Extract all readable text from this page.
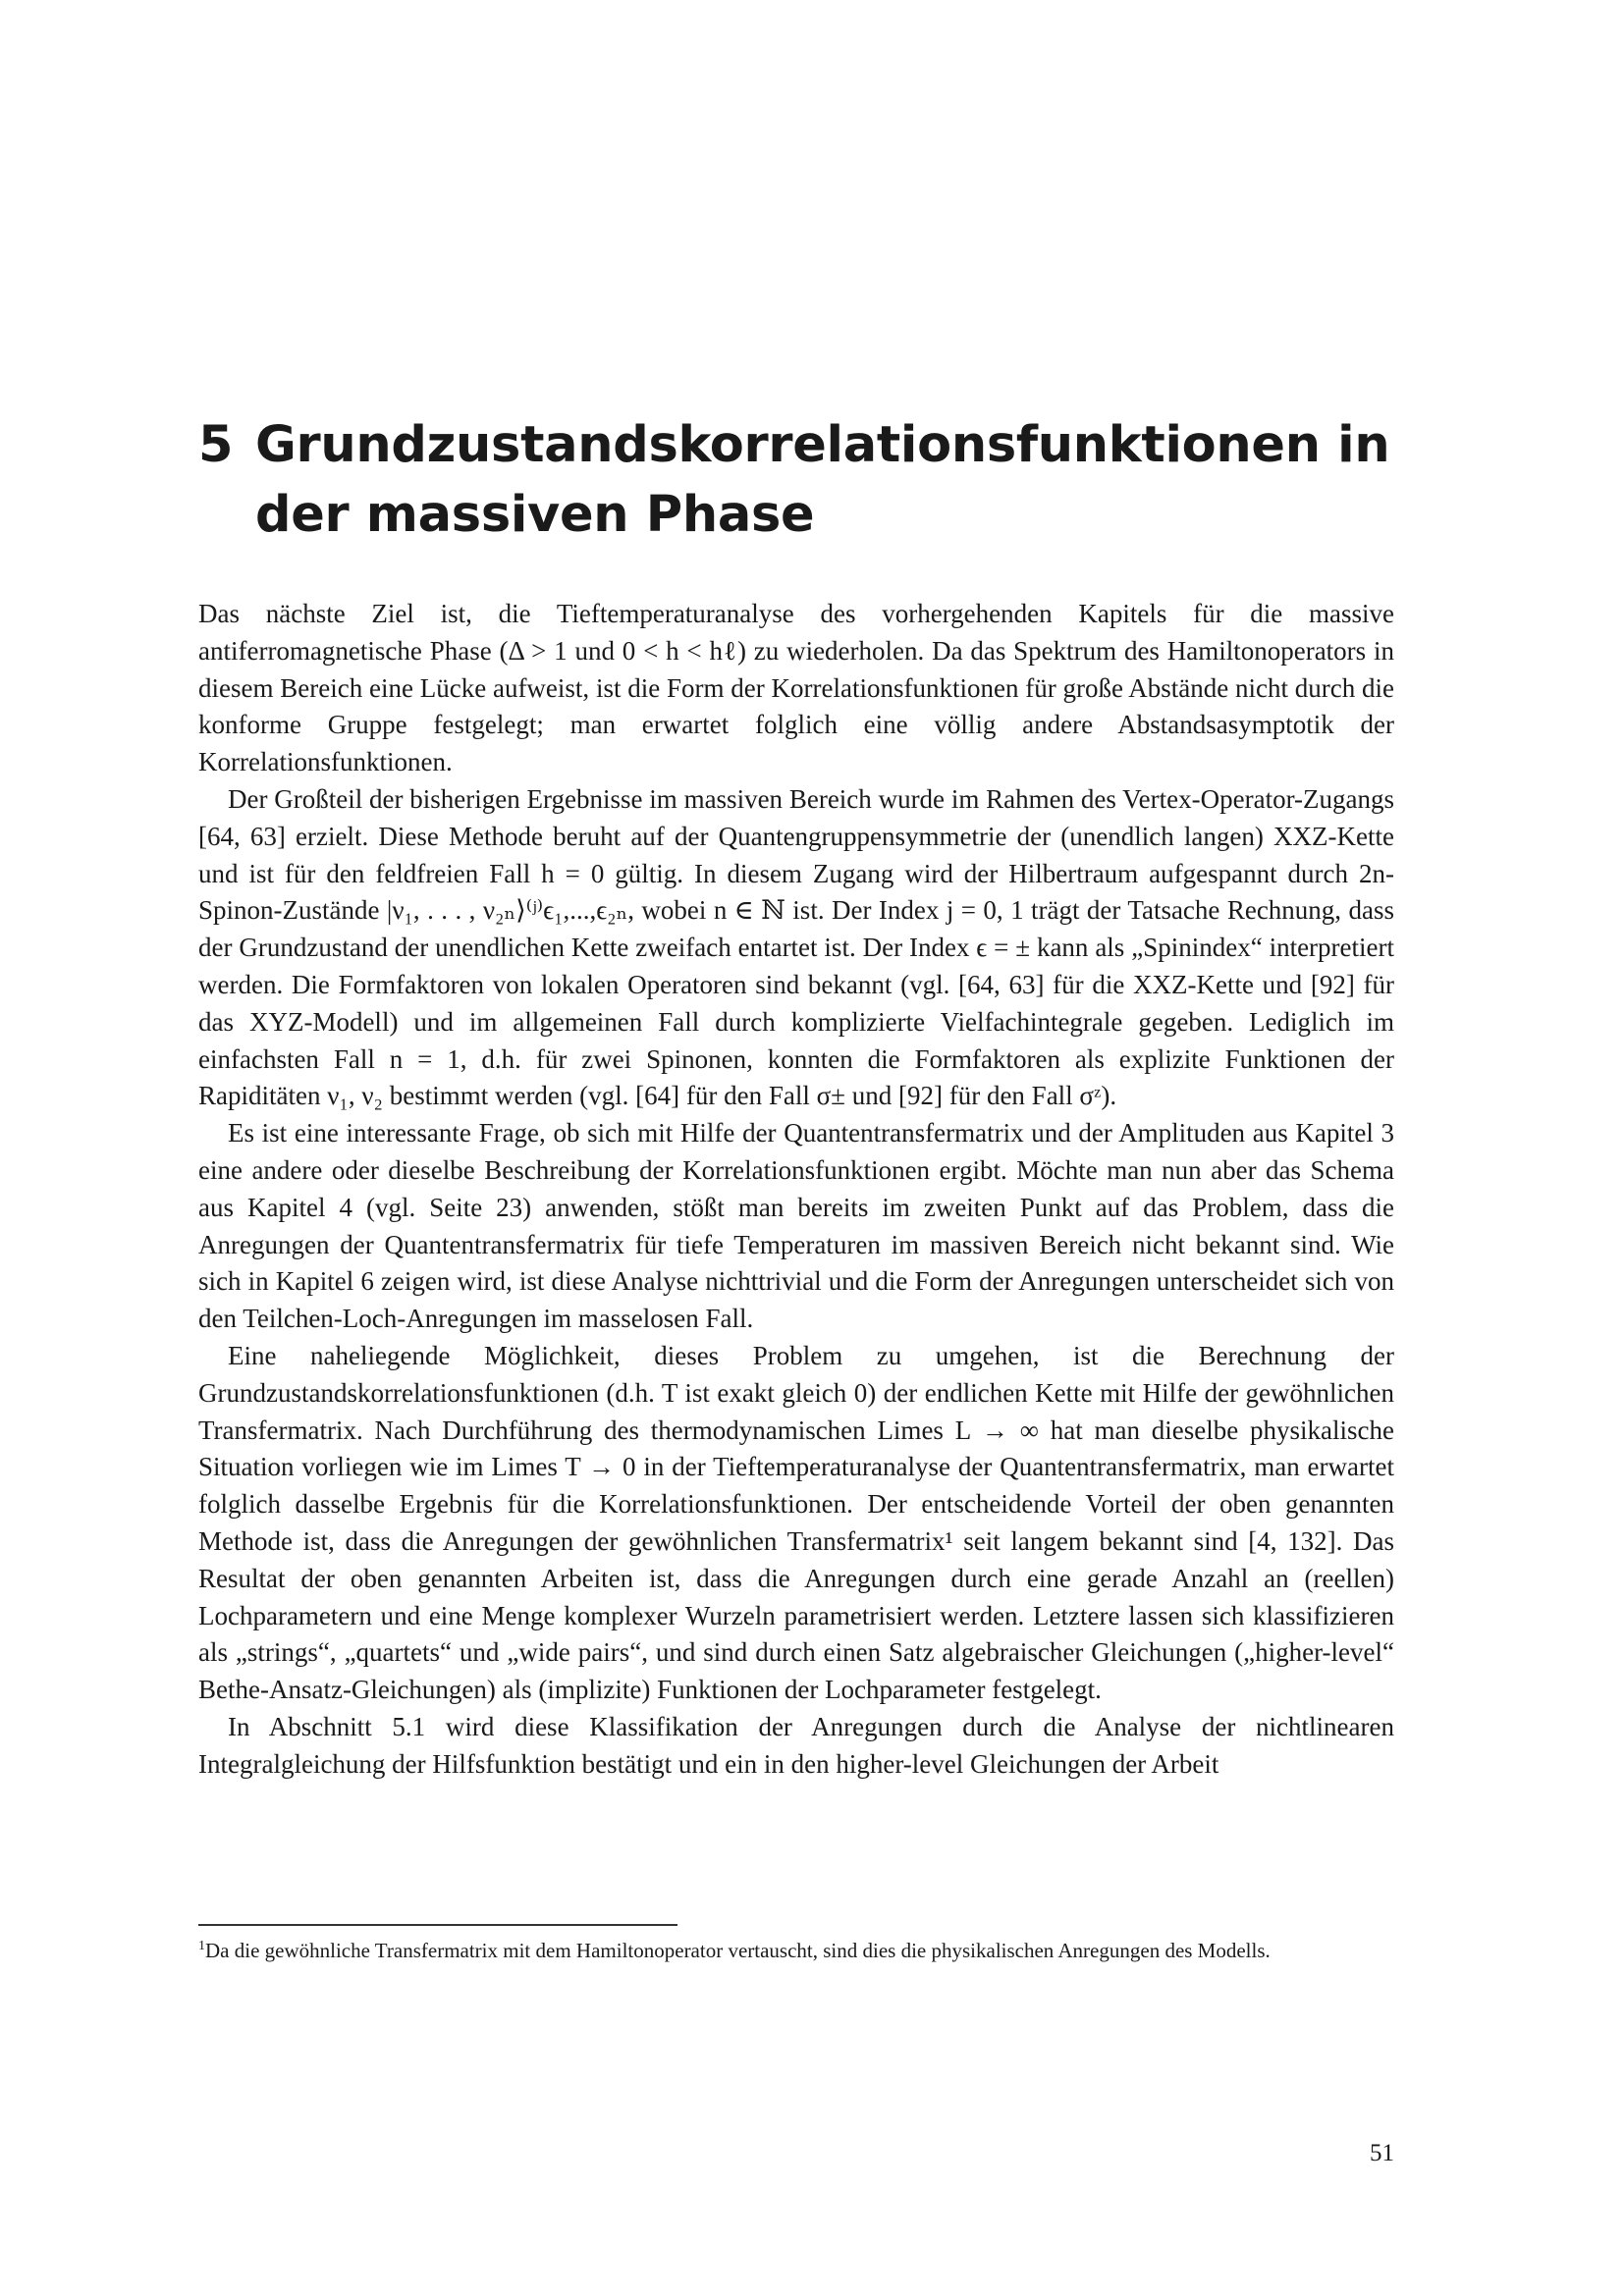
5 Grundzustandskorrelationsfunktionen in
der massiven Phase

Das nächste Ziel ist, die Tieftemperaturanalyse des vorhergehenden Kapitels für die massive antiferromagnetische Phase (Δ > 1 und 0 < h < hℓ) zu wiederholen. Da das Spektrum des Hamiltonoperators in diesem Bereich eine Lücke aufweist, ist die Form der Korrelationsfunktionen für große Abstände nicht durch die konforme Gruppe festgelegt; man erwartet folglich eine völlig andere Abstandsasymptotik der Korrelationsfunktionen.

Der Großteil der bisherigen Ergebnisse im massiven Bereich wurde im Rahmen des Vertex-Operator-Zugangs [64, 63] erzielt. Diese Methode beruht auf der Quantengruppensymmetrie der (unendlich langen) XXZ-Kette und ist für den feldfreien Fall h = 0 gültig. In diesem Zugang wird der Hilbertraum aufgespannt durch 2n-Spinon-Zustände |ν₁, . . . , ν₂ₙ⟩⁽ʲ⁾ϵ₁,...,ϵ₂ₙ, wobei n ∈ ℕ ist. Der Index j = 0, 1 trägt der Tatsache Rechnung, dass der Grundzustand der unendlichen Kette zweifach entartet ist. Der Index ϵ = ± kann als „Spinindex“ interpretiert werden. Die Formfaktoren von lokalen Operatoren sind bekannt (vgl. [64, 63] für die XXZ-Kette und [92] für das XYZ-Modell) und im allgemeinen Fall durch komplizierte Vielfachintegrale gegeben. Lediglich im einfachsten Fall n = 1, d.h. für zwei Spinonen, konnten die Formfaktoren als explizite Funktionen der Rapiditäten ν₁, ν₂ bestimmt werden (vgl. [64] für den Fall σ± und [92] für den Fall σᶻ).

Es ist eine interessante Frage, ob sich mit Hilfe der Quantentransfermatrix und der Amplituden aus Kapitel 3 eine andere oder dieselbe Beschreibung der Korrelationsfunktionen ergibt. Möchte man nun aber das Schema aus Kapitel 4 (vgl. Seite 23) anwenden, stößt man bereits im zweiten Punkt auf das Problem, dass die Anregungen der Quantentransfermatrix für tiefe Temperaturen im massiven Bereich nicht bekannt sind. Wie sich in Kapitel 6 zeigen wird, ist diese Analyse nichttrivial und die Form der Anregungen unterscheidet sich von den Teilchen-Loch-Anregungen im masselosen Fall.

Eine naheliegende Möglichkeit, dieses Problem zu umgehen, ist die Berechnung der Grundzustandskorrelationsfunktionen (d.h. T ist exakt gleich 0) der endlichen Kette mit Hilfe der gewöhnlichen Transfermatrix. Nach Durchführung des thermodynamischen Limes L → ∞ hat man dieselbe physikalische Situation vorliegen wie im Limes T → 0 in der Tieftemperaturanalyse der Quantentransfermatrix, man erwartet folglich dasselbe Ergebnis für die Korrelationsfunktionen. Der entscheidende Vorteil der oben genannten Methode ist, dass die Anregungen der gewöhnlichen Transfermatrix¹ seit langem bekannt sind [4, 132]. Das Resultat der oben genannten Arbeiten ist, dass die Anregungen durch eine gerade Anzahl an (reellen) Lochparametern und eine Menge komplexer Wurzeln parametrisiert werden. Letztere lassen sich klassifizieren als „strings“, „quartets“ und „wide pairs“, und sind durch einen Satz algebraischer Gleichungen („higher-level“ Bethe-Ansatz-Gleichungen) als (implizite) Funktionen der Lochparameter festgelegt.

In Abschnitt 5.1 wird diese Klassifikation der Anregungen durch die Analyse der nichtlinearen Integralgleichung der Hilfsfunktion bestätigt und ein in den higher-level Gleichungen der Arbeit

$^1$Da die gewöhnliche Transfermatrix mit dem Hamiltonoperator vertauscht, sind dies die physikalischen Anregungen des Modells.
51
